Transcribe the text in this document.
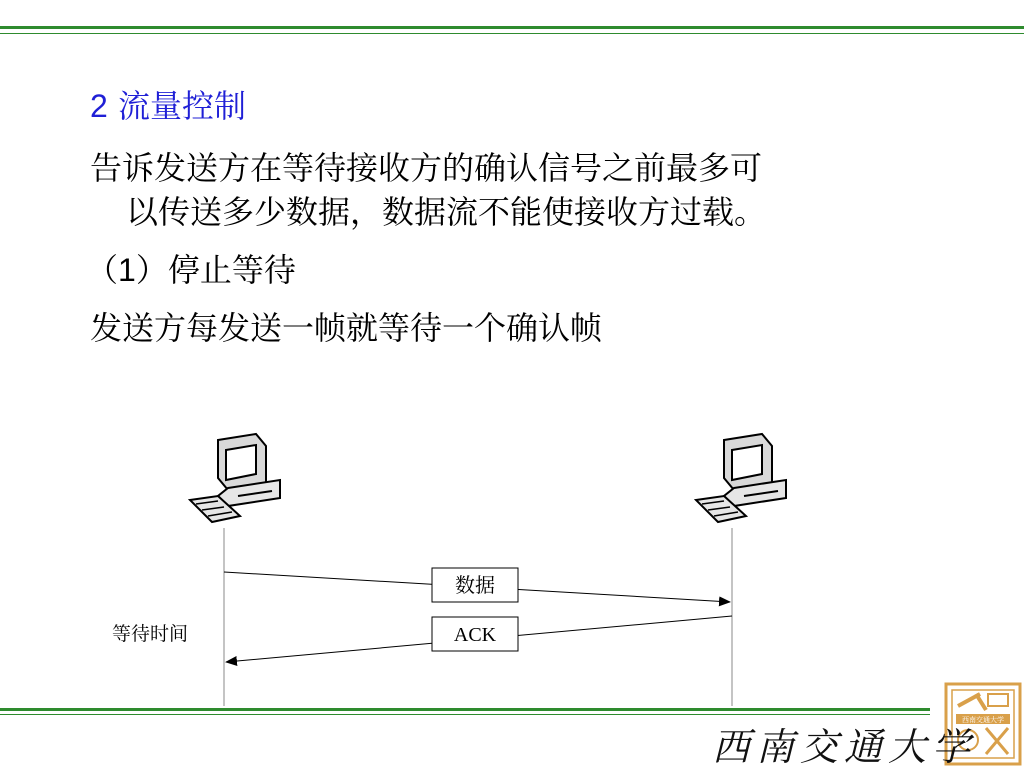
2 流量控制
告诉发送方在等待接收方的确认信号之前最多可
以传送多少数据，数据流不能使接收方过载。
（1）停止等待
发送方每发送一帧就等待一个确认帧
数据
ACK
等待时间
西南交通大学
西南交通大学
